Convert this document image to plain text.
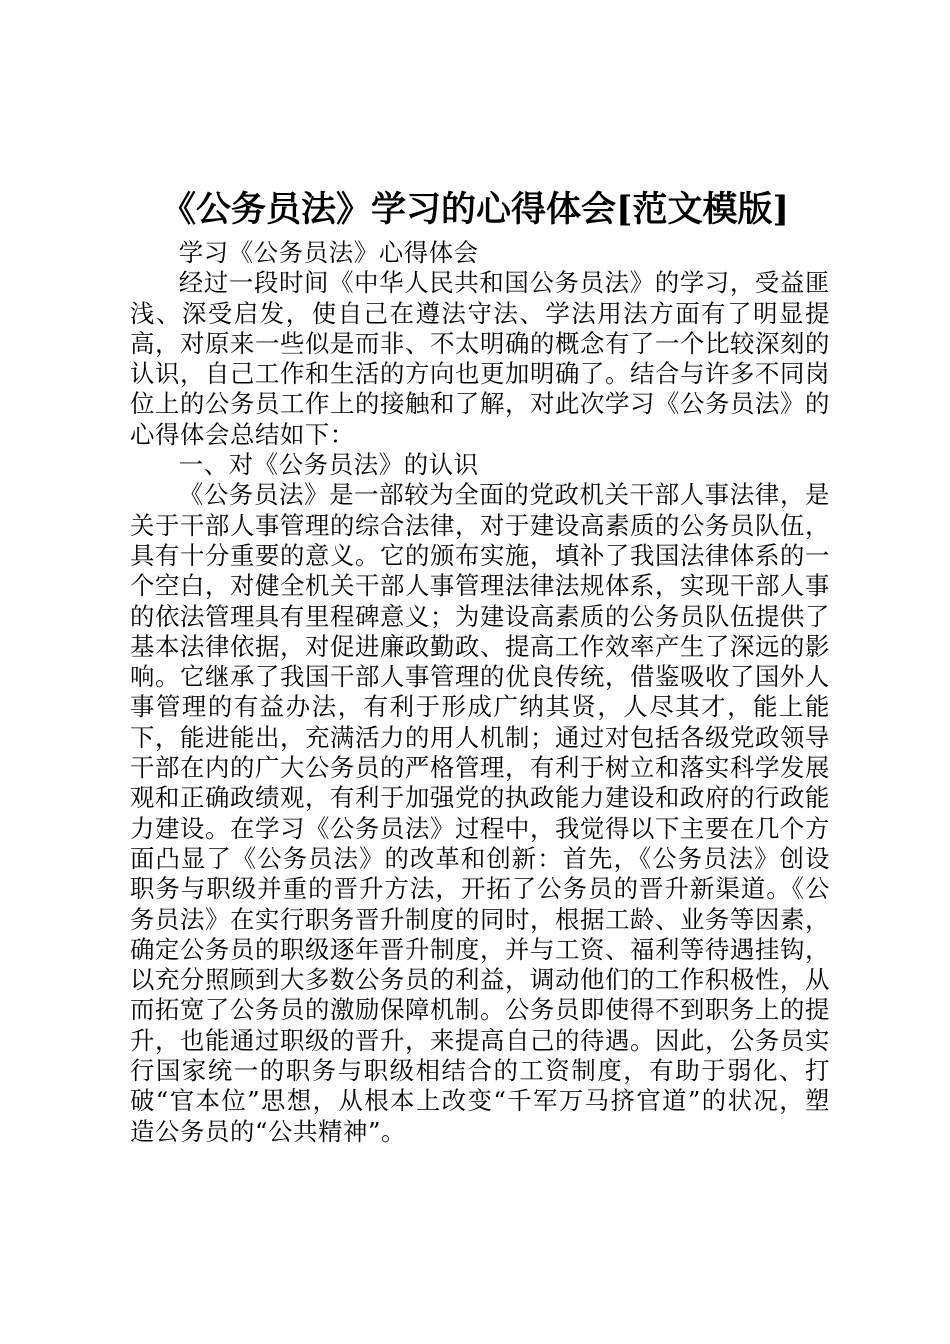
《公务员法》学习的心得体会[范文模版]

学习《公务员法》心得体会

经过一段时间《中华人民共和国公务员法》的学习，受益匪浅、深受启发，使自己在遵法守法、学法用法方面有了明显提高，对原来一些似是而非、不太明确的概念有了一个比较深刻的认识，自己工作和生活的方向也更加明确了。结合与许多不同岗位上的公务员工作上的接触和了解，对此次学习《公务员法》的心得体会总结如下：

一、对《公务员法》的认识

《公务员法》是一部较为全面的党政机关干部人事法律，是关于干部人事管理的综合法律，对于建设高素质的公务员队伍，具有十分重要的意义。它的颁布实施，填补了我国法律体系的一个空白，对健全机关干部人事管理法律法规体系，实现干部人事的依法管理具有里程碑意义；为建设高素质的公务员队伍提供了基本法律依据，对促进廉政勤政、提高工作效率产生了深远的影响。它继承了我国干部人事管理的优良传统，借鉴吸收了国外人事管理的有益办法，有利于形成广纳其贤，人尽其才，能上能下，能进能出，充满活力的用人机制；通过对包括各级党政领导干部在内的广大公务员的严格管理，有利于树立和落实科学发展观和正确政绩观，有利于加强党的执政能力建设和政府的行政能力建设。在学习《公务员法》过程中，我觉得以下主要在几个方面凸显了《公务员法》的改革和创新：首先，《公务员法》创设职务与职级并重的晋升方法，开拓了公务员的晋升新渠道。《公务员法》在实行职务晋升制度的同时，根据工龄、业务等因素，确定公务员的职级逐年晋升制度，并与工资、福利等待遇挂钩，以充分照顾到大多数公务员的利益，调动他们的工作积极性，从而拓宽了公务员的激励保障机制。公务员即使得不到职务上的提升，也能通过职级的晋升，来提高自己的待遇。因此，公务员实行国家统一的职务与职级相结合的工资制度，有助于弱化、打破“官本位”思想，从根本上改变“千军万马挤官道”的状况，塑造公务员的“公共精神”。
